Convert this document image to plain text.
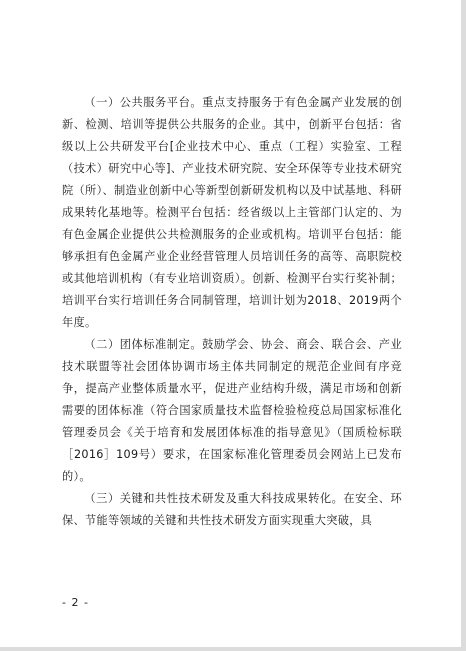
（一）公共服务平台。重点支持服务于有色金属产业发展的创新、检测、培训等提供公共服务的企业。其中，创新平台包括：省级以上公共研发平台[企业技术中心、重点（工程）实验室、工程（技术）研究中心等]、产业技术研究院、安全环保等专业技术研究院（所）、制造业创新中心等新型创新研发机构以及中试基地、科研成果转化基地等。检测平台包括：经省级以上主管部门认定的、为有色金属企业提供公共检测服务的企业或机构。培训平台包括：能够承担有色金属产业企业经营管理人员培训任务的高等、高职院校或其他培训机构（有专业培训资质）。创新、检测平台实行奖补制；培训平台实行培训任务合同制管理，培训计划为2018、2019两个年度。

（二）团体标准制定。鼓励学会、协会、商会、联合会、产业技术联盟等社会团体协调市场主体共同制定的规范企业间有序竞争，提高产业整体质量水平，促进产业结构升级，满足市场和创新需要的团体标准（符合国家质量技术监督检验检疫总局国家标准化管理委员会《关于培育和发展团体标准的指导意见》（国质检标联［2016］109号）要求，在国家标准化管理委员会网站上已发布的）。

（三）关键和共性技术研发及重大科技成果转化。在安全、环保、节能等领域的关键和共性技术研发方面实现重大突破，具

- 2 -
